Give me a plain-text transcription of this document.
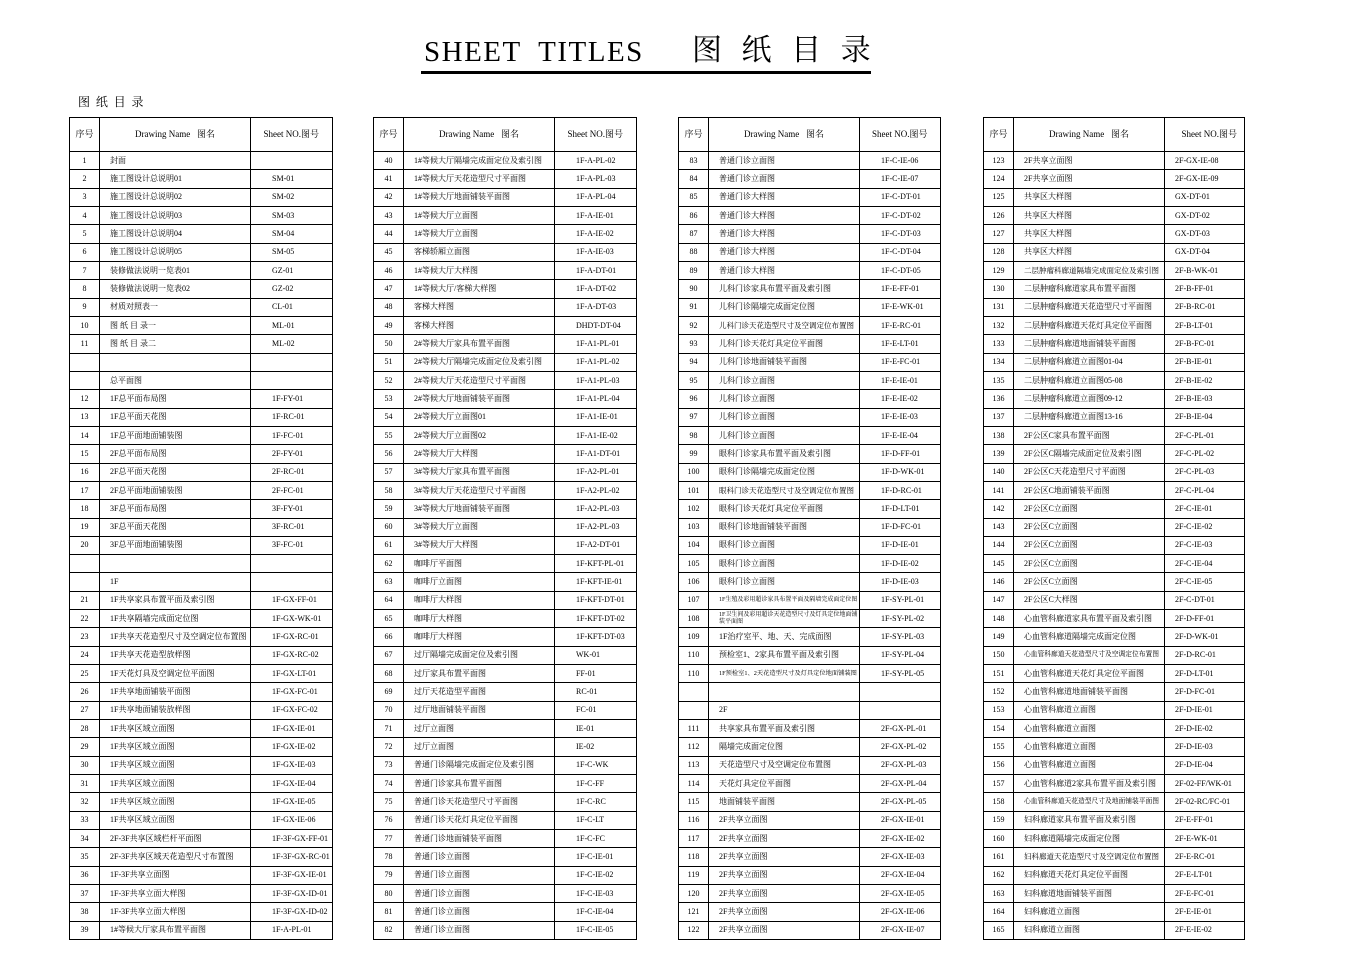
SHEET  TITLES 图 纸 目 录
图 纸 目 录
序号	Drawing Name   图名	Sheet NO.图号
1	封面
2	施工图设计总说明01	SM-01
3	施工图设计总说明02	SM-02
4	施工图设计总说明03	SM-03
5	施工图设计总说明04	SM-04
6	施工图设计总说明05	SM-05
7	装修做法说明一览表01	GZ-01
8	装修做法说明一览表02	GZ-02
9	材质对照表一	CL-01
10	图 纸 目 录一	ML-01
11	图 纸 目 录二	ML-02
总平面图
12	1F总平面布局图	1F-FY-01
13	1F总平面天花图	1F-RC-01
14	1F总平面地面铺装图	1F-FC-01
15	2F总平面布局图	2F-FY-01
16	2F总平面天花图	2F-RC-01
17	2F总平面地面铺装图	2F-FC-01
18	3F总平面布局图	3F-FY-01
19	3F总平面天花图	3F-RC-01
20	3F总平面地面铺装图	3F-FC-01
1F
21	1F共享家具布置平面及索引图	1F-GX-FF-01
22	1F共享隔墙完成面定位图	1F-GX-WK-01
23	1F共享天花造型尺寸及空调定位布置图	1F-GX-RC-01
24	1F共享天花造型放样图	1F-GX-RC-02
25	1F天花灯具及空调定位平面图	1F-GX-LT-01
26	1F共享地面铺装平面图	1F-GX-FC-01
27	1F共享地面铺装放样图	1F-GX-FC-02
28	1F共享区域立面图	1F-GX-IE-01
29	1F共享区域立面图	1F-GX-IE-02
30	1F共享区域立面图	1F-GX-IE-03
31	1F共享区域立面图	1F-GX-IE-04
32	1F共享区域立面图	1F-GX-IE-05
33	1F共享区域立面图	1F-GX-IE-06
34	2F-3F共享区域栏杆平面图	1F-3F-GX-FF-01
35	2F-3F共享区域天花造型尺寸布置图	1F-3F-GX-RC-01
36	1F-3F共享立面图	1F-3F-GX-IE-01
37	1F-3F共享立面大样图	1F-3F-GX-ID-01
38	1F-3F共享立面大样图	1F-3F-GX-ID-02
39	1#等候大厅家具布置平面图	1F-A-PL-01
序号	Drawing Name   图名	Sheet NO.图号
40	1#等候大厅隔墙完成面定位及索引图	1F-A-PL-02
41	1#等候大厅天花造型尺寸平面图	1F-A-PL-03
42	1#等候大厅地面铺装平面图	1F-A-PL-04
43	1#等候大厅立面图	1F-A-IE-01
44	1#等候大厅立面图	1F-A-IE-02
45	客梯轿厢立面图	1F-A-IE-03
46	1#等候大厅大样图	1F-A-DT-01
47	1#等候大厅/客梯大样图	1F-A-DT-02
48	客梯大样图	1F-A-DT-03
49	客梯大样图	DHDT-DT-04
50	2#等候大厅家具布置平面图	1F-A1-PL-01
51	2#等候大厅隔墙完成面定位及索引图	1F-A1-PL-02
52	2#等候大厅天花造型尺寸平面图	1F-A1-PL-03
53	2#等候大厅地面铺装平面图	1F-A1-PL-04
54	2#等候大厅立面图01	1F-A1-IE-01
55	2#等候大厅立面图02	1F-A1-IE-02
56	2#等候大厅大样图	1F-A1-DT-01
57	3#等候大厅家具布置平面图	1F-A2-PL-01
58	3#等候大厅天花造型尺寸平面图	1F-A2-PL-02
59	3#等候大厅地面铺装平面图	1F-A2-PL-03
60	3#等候大厅立面图	1F-A2-PL-03
61	3#等候大厅大样图	1F-A2-DT-01
62	咖啡厅平面图	1F-KFT-PL-01
63	咖啡厅立面图	1F-KFT-IE-01
64	咖啡厅大样图	1F-KFT-DT-01
65	咖啡厅大样图	1F-KFT-DT-02
66	咖啡厅大样图	1F-KFT-DT-03
67	过厅隔墙完成面定位及索引图	WK-01
68	过厅家具布置平面图	FF-01
69	过厅天花造型平面图	RC-01
70	过厅地面铺装平面图	FC-01
71	过厅立面图	IE-01
72	过厅立面图	IE-02
73	普通门诊隔墙完成面定位及索引图	1F-C-WK
74	普通门诊家具布置平面图	1F-C-FF
75	普通门诊天花造型尺寸平面图	1F-C-RC
76	普通门诊天花灯具定位平面图	1F-C-LT
77	普通门诊地面铺装平面图	1F-C-FC
78	普通门诊立面图	1F-C-IE-01
79	普通门诊立面图	1F-C-IE-02
80	普通门诊立面图	1F-C-IE-03
81	普通门诊立面图	1F-C-IE-04
82	普通门诊立面图	1F-C-IE-05
序号	Drawing Name   图名	Sheet NO.图号
83	普通门诊立面图	1F-C-IE-06
84	普通门诊立面图	1F-C-IE-07
85	普通门诊大样图	1F-C-DT-01
86	普通门诊大样图	1F-C-DT-02
87	普通门诊大样图	1F-C-DT-03
88	普通门诊大样图	1F-C-DT-04
89	普通门诊大样图	1F-C-DT-05
90	儿科门诊家具布置平面及索引图	1F-E-FF-01
91	儿科门诊隔墙完成面定位图	1F-E-WK-01
92	儿科门诊天花造型尺寸及空调定位布置图	1F-E-RC-01
93	儿科门诊天花灯具定位平面图	1F-E-LT-01
94	儿科门诊地面铺装平面图	1F-E-FC-01
95	儿科门诊立面图	1F-E-IE-01
96	儿科门诊立面图	1F-E-IE-02
97	儿科门诊立面图	1F-E-IE-03
98	儿科门诊立面图	1F-E-IE-04
99	眼科门诊家具布置平面及索引图	1F-D-FF-01
100	眼科门诊隔墙完成面定位图	1F-D-WK-01
101	眼科门诊天花造型尺寸及空调定位布置图	1F-D-RC-01
102	眼科门诊天花灯具定位平面图	1F-D-LT-01
103	眼科门诊地面铺装平面图	1F-D-FC-01
104	眼科门诊立面图	1F-D-IE-01
105	眼科门诊立面图	1F-D-IE-02
106	眼科门诊立面图	1F-D-IE-03
107	1F生殖及彩用超诊家具布置平面及隔墙完成面定位图	1F-SY-PL-01
108	1F卫生间及彩用超诊天花造型尺寸及灯具定位地面铺装平面图	1F-SY-PL-02
109	1F治疗室平、地、天、完成面图	1F-SY-PL-03
110	预检室1、2家具布置平面及索引图	1F-SY-PL-04
110	1F预检室1、2天花造型尺寸及灯具定位地面铺装图	1F-SY-PL-05
2F
111	共享家具布置平面及索引图	2F-GX-PL-01
112	隔墙完成面定位图	2F-GX-PL-02
113	天花造型尺寸及空调定位布置图	2F-GX-PL-03
114	天花灯具定位平面图	2F-GX-PL-04
115	地面铺装平面图	2F-GX-PL-05
116	2F共享立面图	2F-GX-IE-01
117	2F共享立面图	2F-GX-IE-02
118	2F共享立面图	2F-GX-IE-03
119	2F共享立面图	2F-GX-IE-04
120	2F共享立面图	2F-GX-IE-05
121	2F共享立面图	2F-GX-IE-06
122	2F共享立面图	2F-GX-IE-07
序号	Drawing Name   图名	Sheet NO.图号
123	2F共享立面图	2F-GX-IE-08
124	2F共享立面图	2F-GX-IE-09
125	共享区大样图	GX-DT-01
126	共享区大样图	GX-DT-02
127	共享区大样图	GX-DT-03
128	共享区大样图	GX-DT-04
129	二层肿瘤科廊道隔墙完成面定位及索引图	2F-B-WK-01
130	二层肿瘤科廊道家具布置平面图	2F-B-FF-01
131	二层肿瘤科廊道天花造型尺寸平面图	2F-B-RC-01
132	二层肿瘤科廊道天花灯具定位平面图	2F-B-LT-01
133	二层肿瘤科廊道地面铺装平面图	2F-B-FC-01
134	二层肿瘤科廊道立面图01-04	2F-B-IE-01
135	二层肿瘤科廊道立面图05-08	2F-B-IE-02
136	二层肿瘤科廊道立面图09-12	2F-B-IE-03
137	二层肿瘤科廊道立面图13-16	2F-B-IE-04
138	2F公区C家具布置平面图	2F-C-PL-01
139	2F公区C隔墙完成面定位及索引图	2F-C-PL-02
140	2F公区C天花造型尺寸平面图	2F-C-PL-03
141	2F公区C地面铺装平面图	2F-C-PL-04
142	2F公区C立面图	2F-C-IE-01
143	2F公区C立面图	2F-C-IE-02
144	2F公区C立面图	2F-C-IE-03
145	2F公区C立面图	2F-C-IE-04
146	2F公区C立面图	2F-C-IE-05
147	2F公区C大样图	2F-C-DT-01
148	心血管科廊道家具布置平面及索引图	2F-D-FF-01
149	心血管科廊道隔墙完成面定位图	2F-D-WK-01
150	心血管科廊道天花造型尺寸及空调定位布置图	2F-D-RC-01
151	心血管科廊道天花灯具定位平面图	2F-D-LT-01
152	心血管科廊道地面铺装平面图	2F-D-FC-01
153	心血管科廊道立面图	2F-D-IE-01
154	心血管科廊道立面图	2F-D-IE-02
155	心血管科廊道立面图	2F-D-IE-03
156	心血管科廊道立面图	2F-D-IE-04
157	心血管科廊道2家具布置平面及索引图	2F-02-FF/WK-01
158	心血管科廊道天花造型尺寸及地面铺装平面图	2F-02-RC/FC-01
159	妇科廊道家具布置平面及索引图	2F-E-FF-01
160	妇科廊道隔墙完成面定位图	2F-E-WK-01
161	妇科廊道天花造型尺寸及空调定位布置图	2F-E-RC-01
162	妇科廊道天花灯具定位平面图	2F-E-LT-01
163	妇科廊道地面铺装平面图	2F-E-FC-01
164	妇科廊道立面图	2F-E-IE-01
165	妇科廊道立面图	2F-E-IE-02
